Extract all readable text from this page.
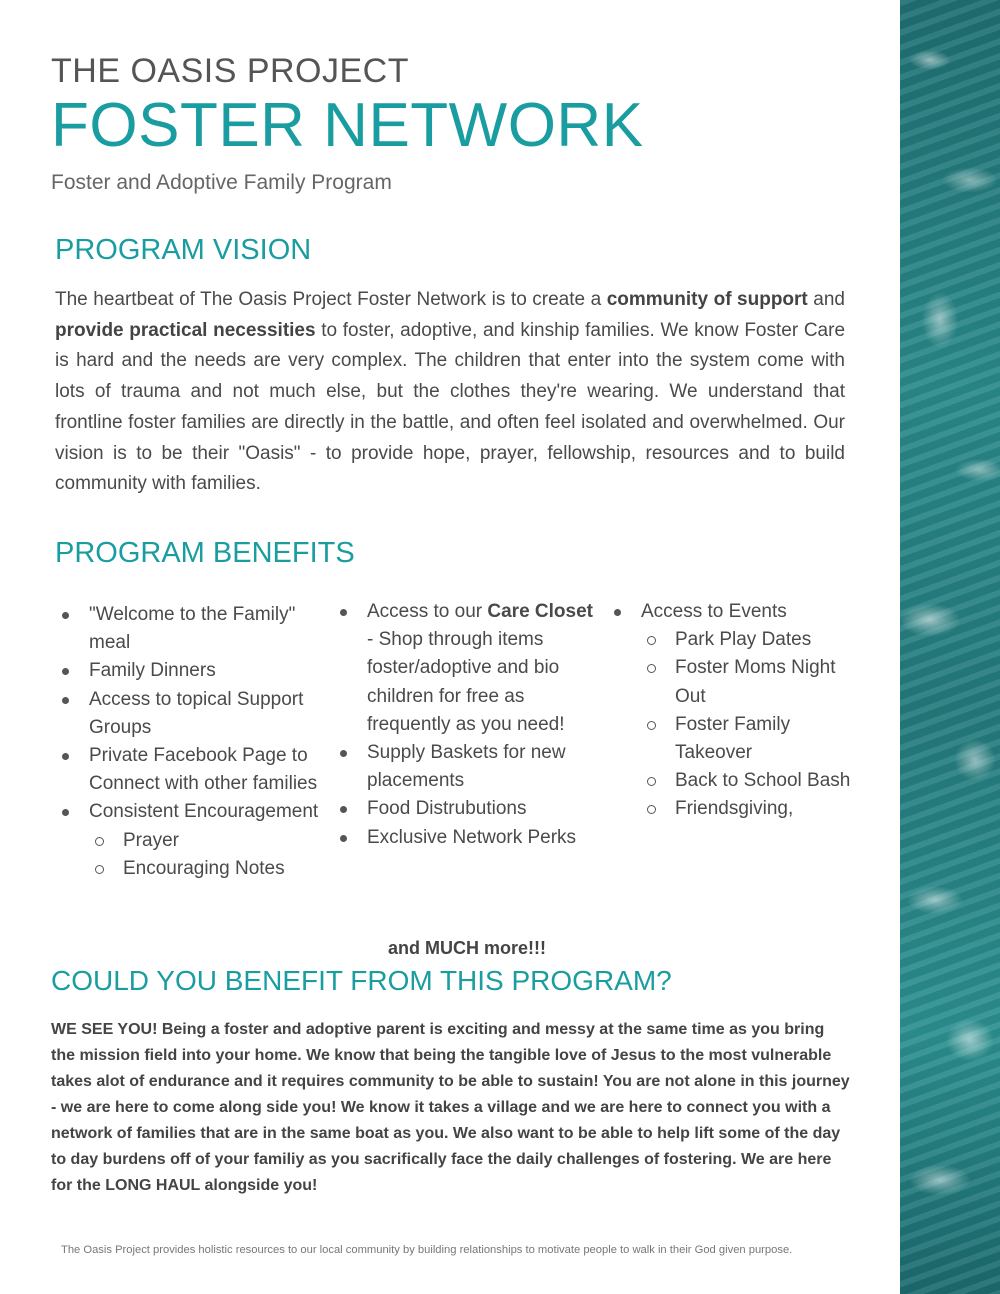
THE OASIS PROJECT
FOSTER NETWORK

Foster and Adoptive Family Program

PROGRAM VISION

The heartbeat of The Oasis Project Foster Network is to create a community of support and provide practical necessities to foster, adoptive, and kinship families. We know Foster Care is hard and the needs are very complex. The children that enter into the system come with lots of trauma and not much else, but the clothes they're wearing. We understand that frontline foster families are directly in the battle, and often feel isolated and overwhelmed. Our vision is to be their "Oasis" - to provide hope, prayer, fellowship, resources and to build community with families.

PROGRAM BENEFITS
"Welcome to the Family" meal
Family Dinners
Access to topical Support Groups
Private Facebook Page to Connect with other families
Consistent Encouragement
Prayer
Encouraging Notes
Access to our Care Closet - Shop through items foster/adoptive and bio children for free as frequently as you need!
Supply Baskets for new placements
Food Distrubutions
Exclusive Network Perks
Access to Events
Park Play Dates
Foster Moms Night Out
Foster Family Takeover
Back to School Bash
Friendsgiving,

and MUCH more!!!

COULD YOU BENEFIT FROM THIS PROGRAM?

WE SEE YOU! Being a foster and adoptive parent is exciting and messy at the same time as you bring the mission field into your home. We know that being the tangible love of Jesus to the most vulnerable takes alot of endurance and it requires community to be able to sustain! You are not alone in this journey - we are here to come along side you! We know it takes a village and we are here to connect you with a network of families that are in the same boat as you. We also want to be able to help lift some of the day to day burdens off of your familiy as you sacrifically face the daily challenges of fostering. We are here for the LONG HAUL alongside you!

The Oasis Project provides holistic resources to our local community by building relationships to motivate people to walk in their God given purpose.
